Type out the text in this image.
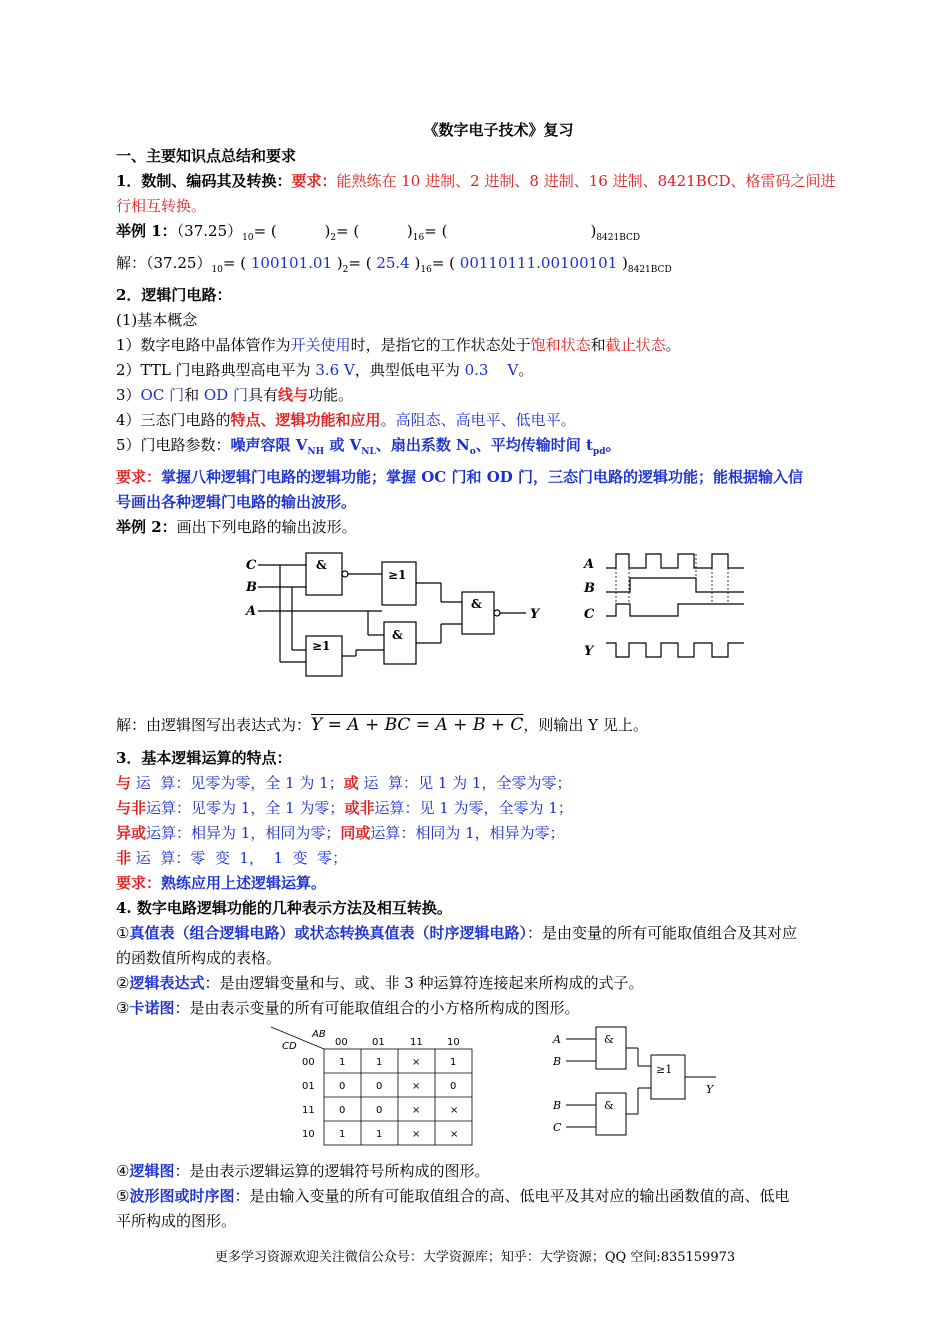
《数字电子技术》复习
一、主要知识点总结和要求
1．数制、编码其及转换：要求：能熟练在 10 进制、2 进制、8 进制、16 进制、8421BCD、格雷码之间进
行相互转换。
举例 1：$(37.25)_{10}=$ (          )$_2=$ (          )$_{16}=$ (                              )$_{8421BCD}$
解：$(37.25)_{10}=$ ( 100101.01 )$_2=$ ( 25.4 )$_{16}=$ ( 00110111.00100101 )$_{8421BCD}$
2．逻辑门电路：
(1)基本概念
1）数字电路中晶体管作为开关使用时，是指它的工作状态处于饱和状态和截止状态。
2）TTL 门电路典型高电平为 3.6 V，典型低电平为 0.3    V。
3）OC 门和 OD 门具有线与功能。
4）三态门电路的特点、逻辑功能和应用。高阻态、高电平、低电平。
5）门电路参数：噪声容限 $V_{NH}$ 或 $V_{NL}$、扇出系数 $N_o$、平均传输时间 $t_{pd}$。
要求：掌握八种逻辑门电路的逻辑功能；掌握 OC 门和 OD 门，三态门电路的逻辑功能；能根据输入信
号画出各种逻辑门电路的输出波形。
举例 2：画出下列电路的输出波形。
C
B
A	Y
&
≥1
&
≥1
&
A
B
C
Y
解：由逻辑图写出表达式为：Y = A + BC = A + B + C，则输出 Y 见上。
3．基本逻辑运算的特点：
与 运  算：见零为零，全 1 为 1；或 运  算：见 1 为 1，全零为零；
与非运算：见零为 1，全 1 为零；或非运算：见 1 为零，全零为 1；
异或运算：相异为 1，相同为零；同或运算：相同为 1，相异为零；
非 运  算：零  变  1，  1  变  零；
要求：熟练应用上述逻辑运算。
4. 数字电路逻辑功能的几种表示方法及相互转换。
①真值表（组合逻辑电路）或状态转换真值表（时序逻辑电路）：是由变量的所有可能取值组合及其对应
的函数值所构成的表格。
②逻辑表达式：是由逻辑变量和与、或、非 3 种运算符连接起来所构成的式子。
③卡诺图：是由表示变量的所有可能取值组合的小方格所构成的图形。
AB
CD	00 01	11 10
00 1	1	×	1
01 0	0	×	0
11 0	0	×	×
10 1	1	×	×
A
B
B
C
Y
&
&
≥1
④逻辑图：是由表示逻辑运算的逻辑符号所构成的图形。
⑤波形图或时序图：是由输入变量的所有可能取值组合的高、低电平及其对应的输出函数值的高、低电
平所构成的图形。
更多学习资源欢迎关注微信公众号：大学资源库；知乎：大学资源；QQ 空间:835159973
